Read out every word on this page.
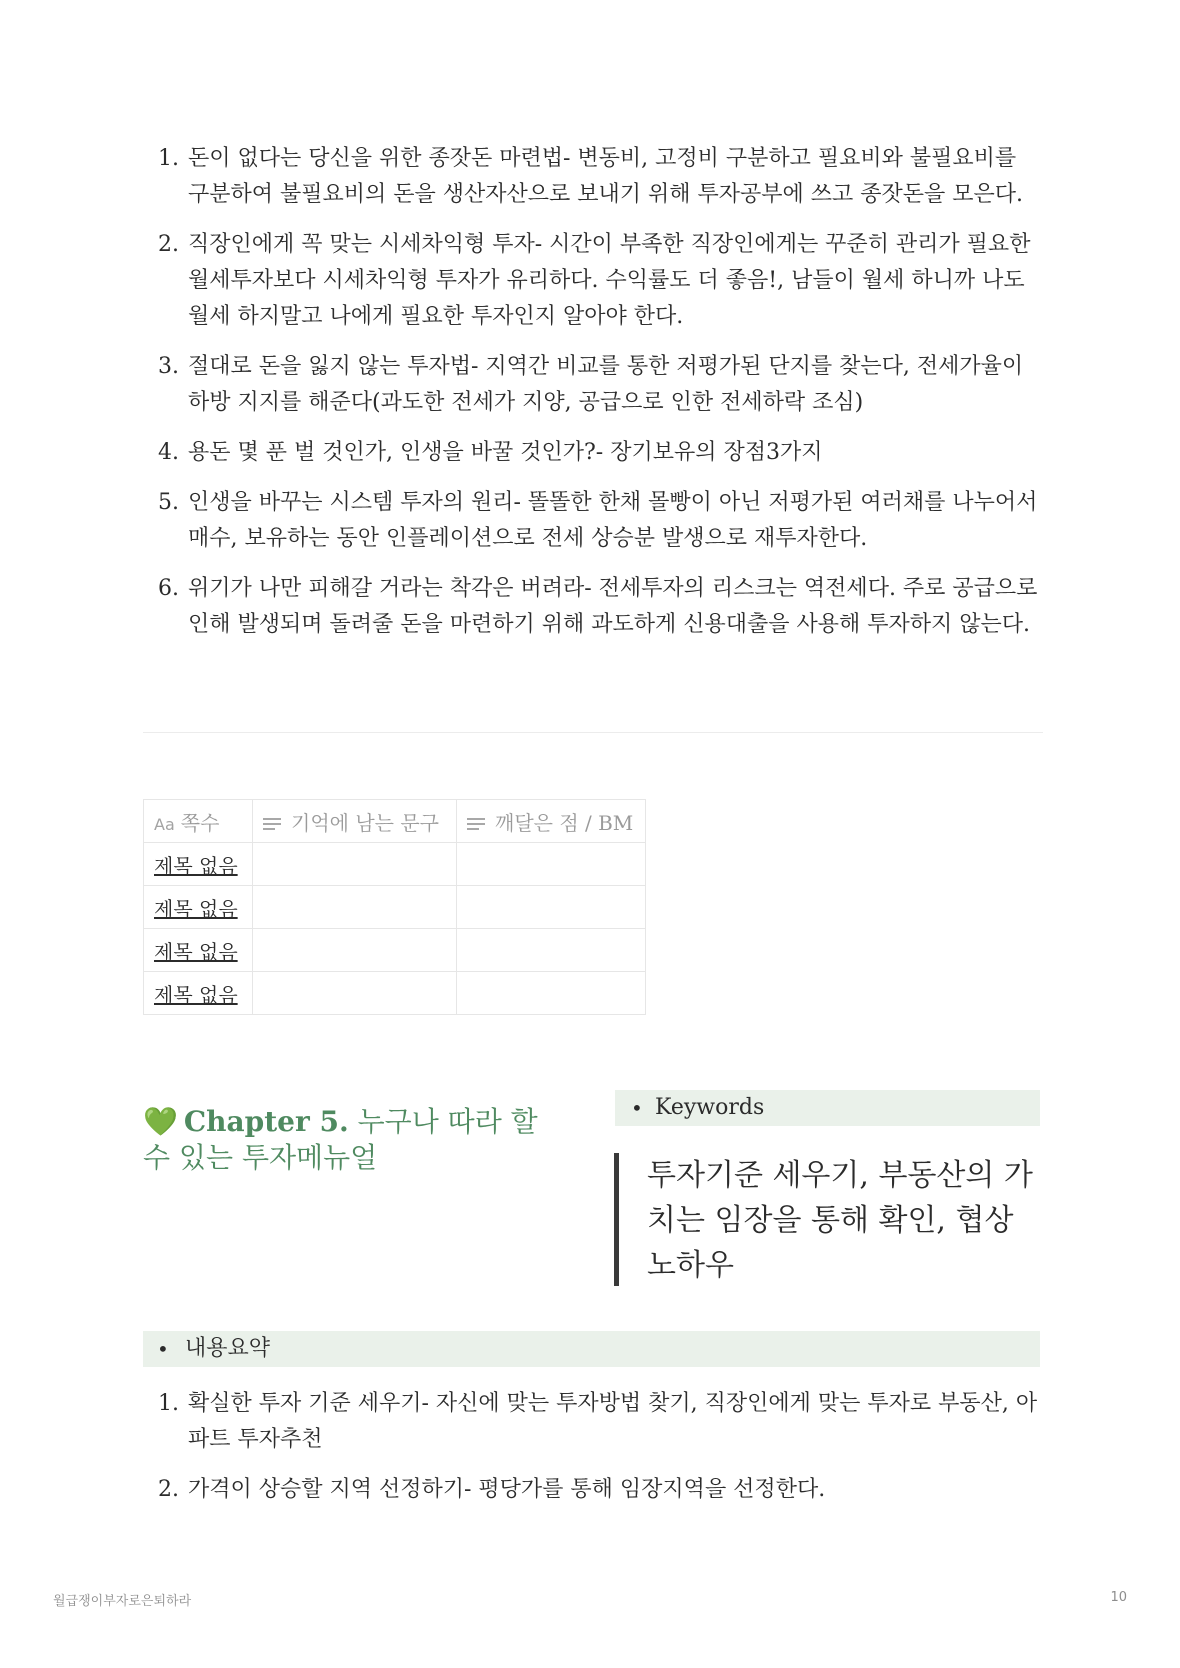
1. 돈이 없다는 당신을 위한 종잣돈 마련법- 변동비, 고정비 구분하고 필요비와 불필요비를 구분하여 불필요비의 돈을 생산자산으로 보내기 위해 투자공부에 쓰고 종잣돈을 모은다.
2. 직장인에게 꼭 맞는 시세차익형 투자- 시간이 부족한 직장인에게는 꾸준히 관리가 필요한 월세투자보다 시세차익형 투자가 유리하다. 수익률도 더 좋음!, 남들이 월세 하니까 나도 월세 하지말고 나에게 필요한 투자인지 알아야 한다.
3. 절대로 돈을 잃지 않는 투자법- 지역간 비교를 통한 저평가된 단지를 찾는다, 전세가율이 하방 지지를 해준다(과도한 전세가 지양, 공급으로 인한 전세하락 조심)
4. 용돈 몇 푼 벌 것인가, 인생을 바꿀 것인가?- 장기보유의 장점3가지
5. 인생을 바꾸는 시스템 투자의 원리- 똘똘한 한채 몰빵이 아닌 저평가된 여러채를 나누어서 매수, 보유하는 동안 인플레이션으로 전세 상승분 발생으로 재투자한다.
6. 위기가 나만 피해갈 거라는 착각은 버려라- 전세투자의 리스크는 역전세다. 주로 공급으로 인해 발생되며 돌려줄 돈을 마련하기 위해 과도하게 신용대출을 사용해 투자하지 않는다.
Aa 쪽수	기억에 남는 문구	깨달은 점 / BM
제목 없음		
제목 없음		
제목 없음		
제목 없음		
💚 Chapter 5. 누구나 따라 할수 있는 투자메뉴얼
• Keywords

투자기준 세우기, 부동산의 가치는 임장을 통해 확인, 협상 노하우

• 내용요약
1. 확실한 투자 기준 세우기- 자신에 맞는 투자방법 찾기, 직장인에게 맞는 투자로 부동산, 아파트 투자추천
2. 가격이 상승할 지역 선정하기- 평당가를 통해 임장지역을 선정한다.
월급쟁이부자로은퇴하라	10
